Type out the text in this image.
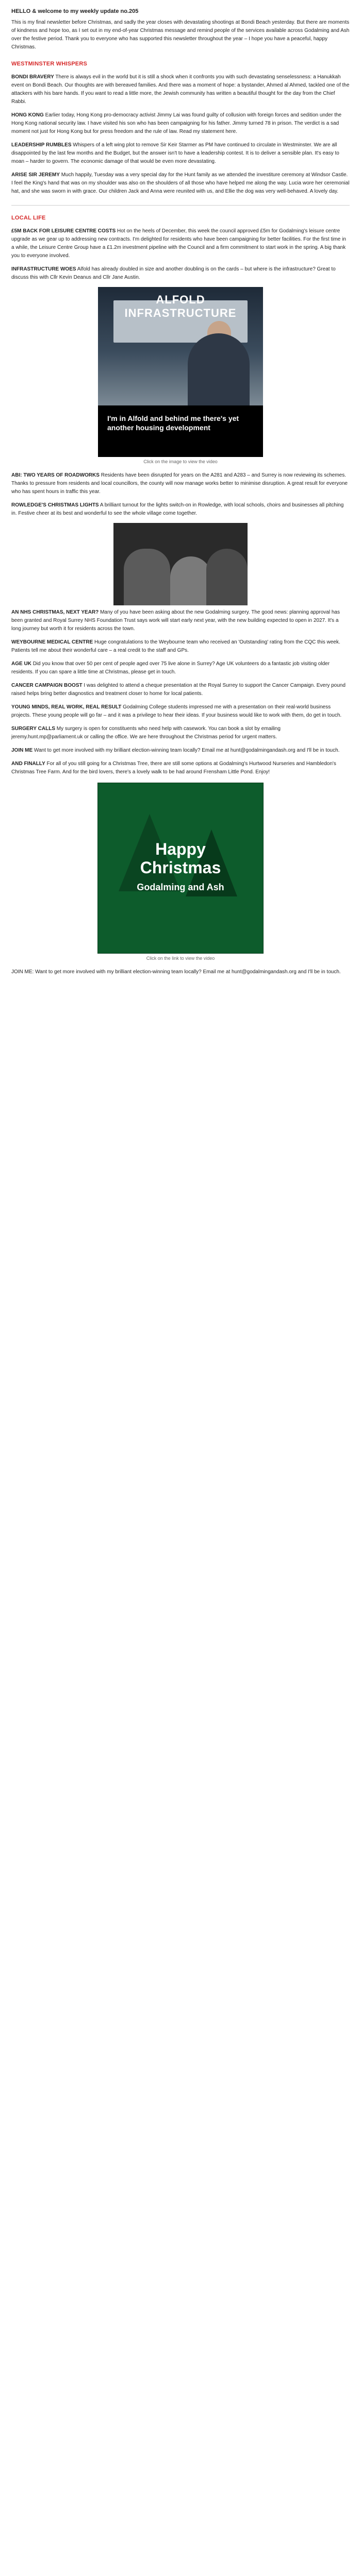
HELLO & welcome to my weekly update no.205

This is my final newsletter before Christmas, and sadly the year closes with devastating shootings at Bondi Beach yesterday. But there are moments of kindness and hope too, as I set out in my end-of-year Christmas message and remind people of the services available across Godalming and Ash over the festive period. Thank you to everyone who has supported this newsletter throughout the year – I hope you have a peaceful, happy Christmas.

WESTMINSTER WHISPERS

BONDI BRAVERY There is always evil in the world but it is still a shock when it confronts you with such devastating senselessness: a Hanukkah event on Bondi Beach. Our thoughts are with bereaved families. And there was a moment of hope: a bystander, Ahmed al Ahmed, tackled one of the attackers with his bare hands. If you want to read a little more, the Jewish community has written a beautiful thought for the day from the Chief Rabbi.

HONG KONG Earlier today, Hong Kong pro-democracy activist Jimmy Lai was found guilty of collusion with foreign forces and sedition under the Hong Kong national security law. I have visited his son who has been campaigning for his father. Jimmy turned 78 in prison. The verdict is a sad moment not just for Hong Kong but for press freedom and the rule of law. Read my statement here.

LEADERSHIP RUMBLES Whispers of a left wing plot to remove Sir Keir Starmer as PM have continued to circulate in Westminster. We are all disappointed by the last few months and the Budget, but the answer isn't to have a leadership contest. It is to deliver a sensible plan. It's easy to moan – harder to govern. The economic damage of that would be even more devastating.

ARISE SIR JEREMY Much happily, Tuesday was a very special day for the Hunt family as we attended the investiture ceremony at Windsor Castle. I feel the King's hand that was on my shoulder was also on the shoulders of all those who have helped me along the way. Lucia wore her ceremonial hat, and she was sworn in with grace. Our children Jack and Anna were reunited with us, and Ellie the dog was very well-behaved. A lovely day.

LOCAL LIFE

£5M BACK FOR LEISURE CENTRE COSTS Hot on the heels of December, this week the council approved £5m for Godalming's leisure centre upgrade as we gear up to addressing new contracts. I'm delighted for residents who have been campaigning for better facilities. For the first time in a while, the Leisure Centre Group have a £1.2m investment pipeline with the Council and a firm commitment to start work in the spring. A big thank you to everyone involved.

INFRASTRUCTURE WOES Alfold has already doubled in size and another doubling is on the cards – but where is the infrastructure? Great to discuss this with Cllr Kevin Deanus and Cllr Jane Austin.

ALFOLD INFRASTRUCTURE
I'm in Alfold and behind me there's yet another housing development
Click on the image to view the video

ABI: TWO YEARS OF ROADWORKS Residents have been disrupted for years on the A281 and A283 – and Surrey is now reviewing its schemes. Thanks to pressure from residents and local councillors, the county will now manage works better to minimise disruption. A great result for everyone who has spent hours in traffic this year.

ROWLEDGE'S CHRISTMAS LIGHTS A brilliant turnout for the lights switch-on in Rowledge, with local schools, choirs and businesses all pitching in. Festive cheer at its best and wonderful to see the whole village come together.

AN NHS CHRISTMAS, NEXT YEAR? Many of you have been asking about the new Godalming surgery. The good news: planning approval has been granted and Royal Surrey NHS Foundation Trust says work will start early next year, with the new building expected to open in 2027. It's a long journey but worth it for residents across the town.

WEYBOURNE MEDICAL CENTRE Huge congratulations to the Weybourne team who received an 'Outstanding' rating from the CQC this week. Patients tell me about their wonderful care – a real credit to the staff and GPs.

AGE UK Did you know that over 50 per cent of people aged over 75 live alone in Surrey? Age UK volunteers do a fantastic job visiting older residents. If you can spare a little time at Christmas, please get in touch.

CANCER CAMPAIGN BOOST I was delighted to attend a cheque presentation at the Royal Surrey to support the Cancer Campaign. Every pound raised helps bring better diagnostics and treatment closer to home for local patients.

YOUNG MINDS, REAL WORK, REAL RESULT Godalming College students impressed me with a presentation on their real-world business projects. These young people will go far – and it was a privilege to hear their ideas. If your business would like to work with them, do get in touch.

SURGERY CALLS My surgery is open for constituents who need help with casework. You can book a slot by emailing jeremy.hunt.mp@parliament.uk or calling the office. We are here throughout the Christmas period for urgent matters.

JOIN ME Want to get more involved with my brilliant election-winning team locally? Email me at hunt@godalmingandash.org and I'll be in touch.

AND FINALLY For all of you still going for a Christmas Tree, there are still some options at Godalming's Hurtwood Nurseries and Hambledon's Christmas Tree Farm. And for the bird lovers, there's a lovely walk to be had around Frensham Little Pond. Enjoy!

Happy
Christmas
Godalming and Ash
Click on the link to view the video

JOIN ME: Want to get more involved with my brilliant election-winning team locally? Email me at hunt@godalmingandash.org and I'll be in touch.
